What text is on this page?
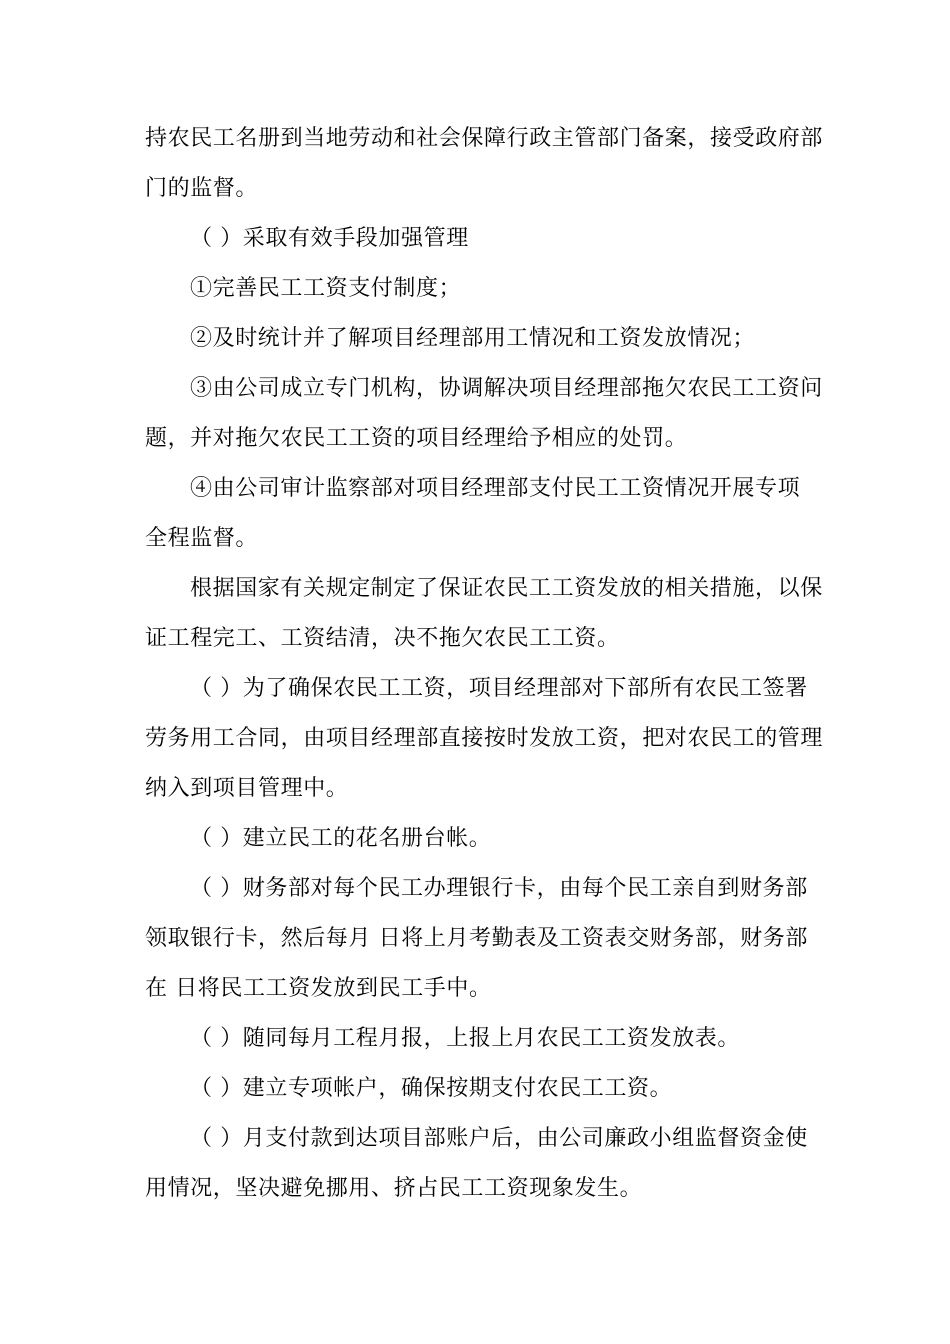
持农民工名册到当地劳动和社会保障行政主管部门备案，接受政府部
门的监督。
（ ）采取有效手段加强管理
①完善民工工资支付制度；
②及时统计并了解项目经理部用工情况和工资发放情况；
③由公司成立专门机构，协调解决项目经理部拖欠农民工工资问
题，并对拖欠农民工工资的项目经理给予相应的处罚。
④由公司审计监察部对项目经理部支付民工工资情况开展专项
全程监督。
根据国家有关规定制定了保证农民工工资发放的相关措施，以保
证工程完工、工资结清，决不拖欠农民工工资。
（ ）为了确保农民工工资，项目经理部对下部所有农民工签署
劳务用工合同，由项目经理部直接按时发放工资，把对农民工的管理
纳入到项目管理中。
（ ）建立民工的花名册台帐。
（ ）财务部对每个民工办理银行卡，由每个民工亲自到财务部
领取银行卡，然后每月 日将上月考勤表及工资表交财务部，财务部
在 日将民工工资发放到民工手中。
（ ）随同每月工程月报，上报上月农民工工资发放表。
（ ）建立专项帐户，确保按期支付农民工工资。
（ ）月支付款到达项目部账户后，由公司廉政小组监督资金使
用情况，坚决避免挪用、挤占民工工资现象发生。
